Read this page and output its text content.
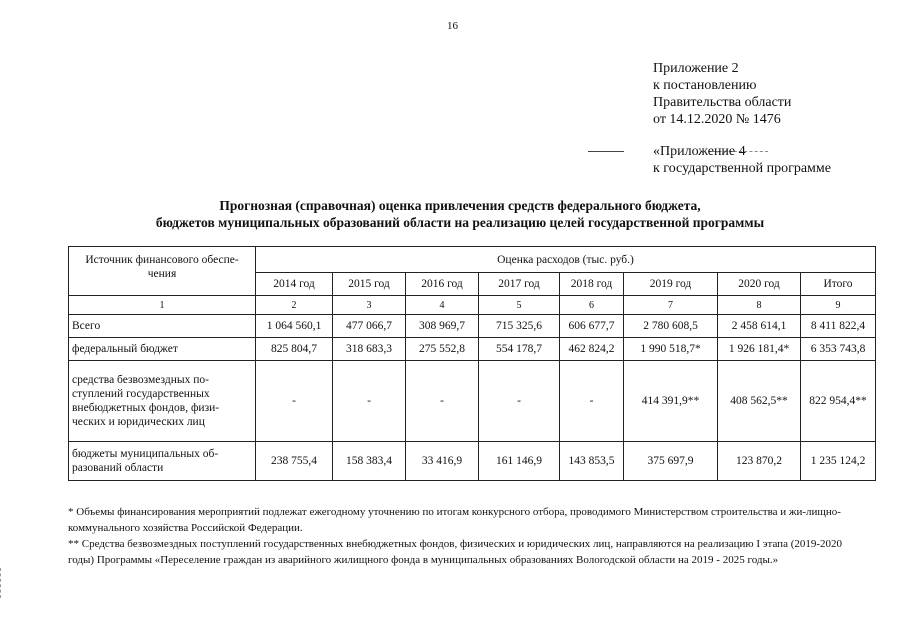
16
Приложение 2
к постановлению
Правительства области
от 14.12.2020 № 1476
«Приложение 4
к государственной программе
Прогнозная (справочная) оценка привлечения средств федерального бюджета,
бюджетов муниципальных образований области на реализацию целей государственной программы
Источник финансового обеспе-чения	Оценка расходов (тыс. руб.)							
	2014 год	2015 год	2016 год	2017 год	2018 год	2019 год	2020 год	Итого
1	2	3	4	5	6	7	8	9
Всего	1 064 560,1	477 066,7	308 969,7	715 325,6	606 677,7	2 780 608,5	2 458 614,1	8 411 822,4
федеральный бюджет	825 804,7	318 683,3	275 552,8	554 178,7	462 824,2	1 990 518,7*	1 926 181,4*	6 353 743,8
средства безвозмездных по-ступлений государственных внебюджетных фондов, физи-ческих и юридических лиц	-	-	-	-	-	414 391,9**	408 562,5**	822 954,4**
бюджеты муниципальных об-разований области	238 755,4	158 383,4	33 416,9	161 146,9	143 853,5	375 697,9	123 870,2	1 235 124,2

* Объемы финансирования мероприятий подлежат ежегодному уточнению по итогам конкурсного отбора, проводимого Министерством строительства и жи-лищно-коммунального хозяйства Российской Федерации.

** Средства безвозмездных поступлений государственных внебюджетных фондов, физических и юридических лиц, направляются на реализацию I этапа (2019-2020 годы) Программы «Переселение граждан из аварийного жилищного фонда в муниципальных образованиях Вологодской области на 2019 - 2025 годы.»
